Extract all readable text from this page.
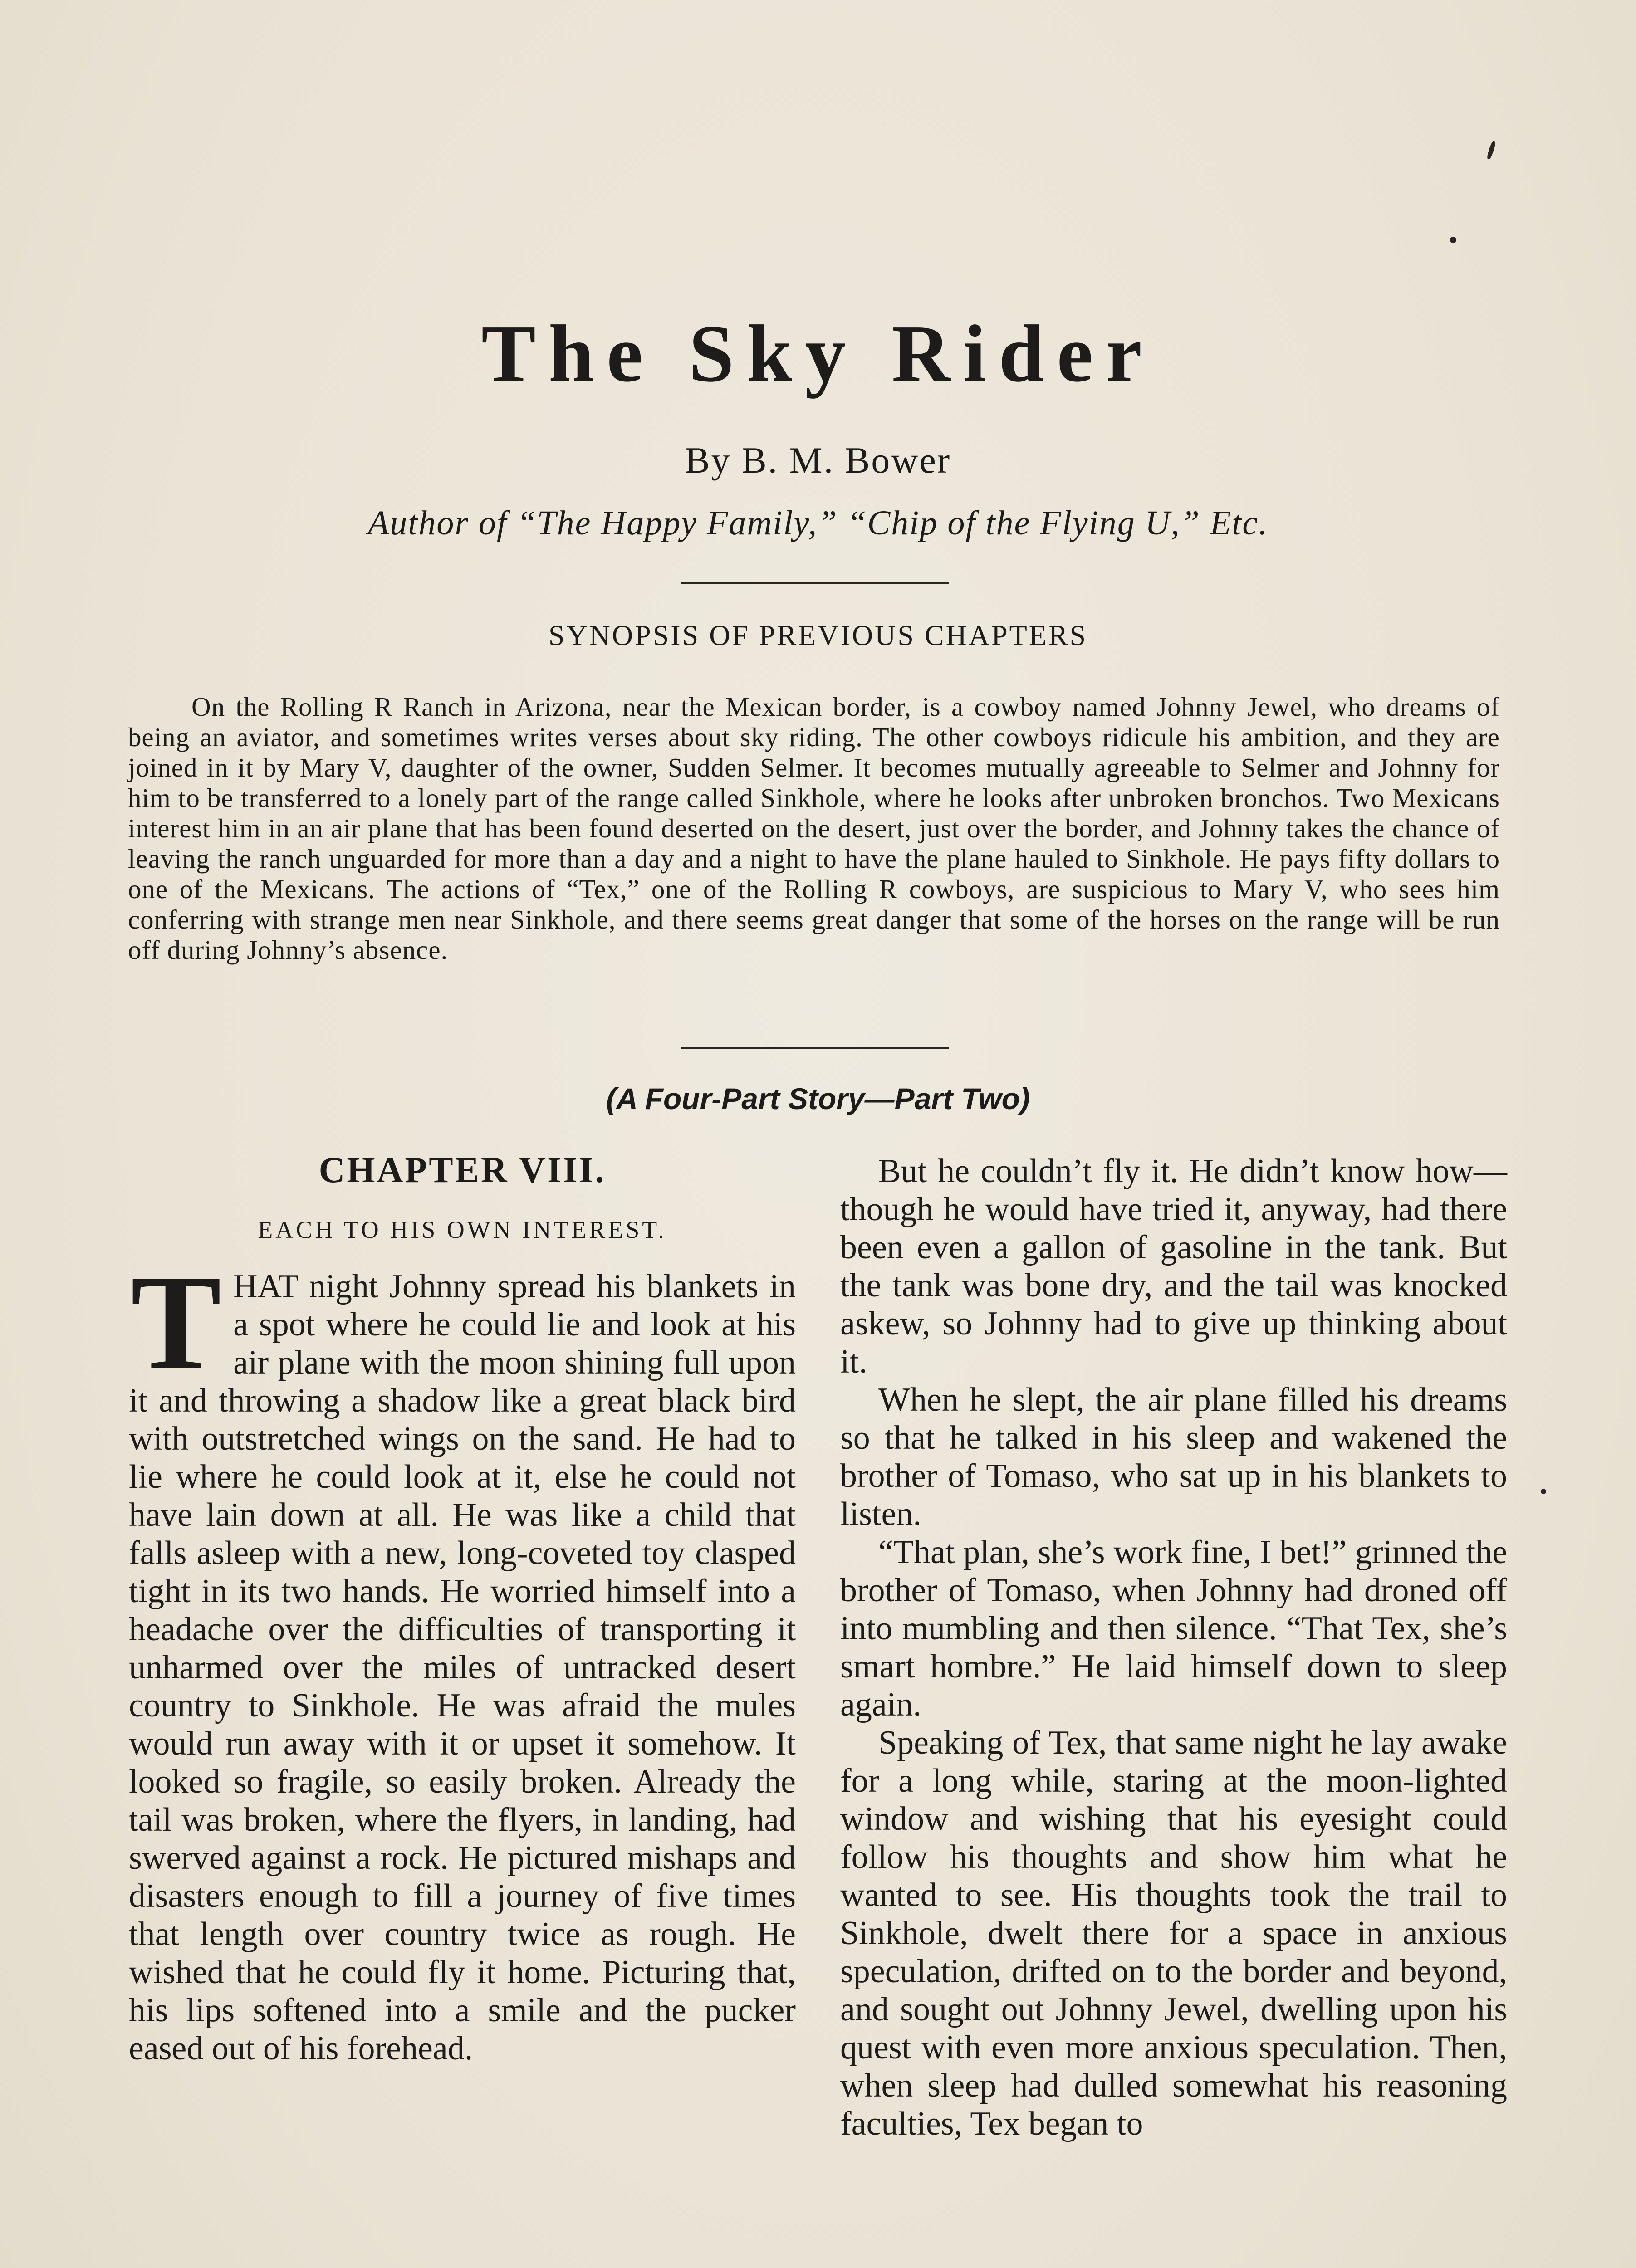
The Sky Rider
By B. M. Bower
Author of “The Happy Family,” “Chip of the Flying U,” Etc.
SYNOPSIS OF PREVIOUS CHAPTERS

On the Rolling R Ranch in Arizona, near the Mexican border, is a cowboy named Johnny Jewel, who dreams of being an aviator, and sometimes writes verses about sky riding. The other cowboys ridicule his ambition, and they are joined in it by Mary V, daughter of the owner, Sudden Selmer. It becomes mutually agreeable to Selmer and Johnny for him to be transferred to a lonely part of the range called Sinkhole, where he looks after unbroken bronchos. Two Mexicans interest him in an air plane that has been found deserted on the desert, just over the border, and Johnny takes the chance of leaving the ranch unguarded for more than a day and a night to have the plane hauled to Sinkhole. He pays fifty dollars to one of the Mexicans. The actions of “Tex,” one of the Rolling R cowboys, are suspicious to Mary V, who sees him conferring with strange men near Sinkhole, and there seems great danger that some of the horses on the range will be run off during Johnny’s absence.

(A Four-Part Story—Part Two)
CHAPTER VIII.
EACH TO HIS OWN INTEREST.

THAT night Johnny spread his blankets in a spot where he could lie and look at his air plane with the moon shining full upon it and throwing a shadow like a great black bird with outstretched wings on the sand. He had to lie where he could look at it, else he could not have lain down at all. He was like a child that falls asleep with a new, long-coveted toy clasped tight in its two hands. He worried himself into a headache over the difficulties of transporting it unharmed over the miles of untracked desert country to Sinkhole. He was afraid the mules would run away with it or upset it somehow. It looked so fragile, so easily broken. Already the tail was broken, where the flyers, in landing, had swerved against a rock. He pictured mishaps and disasters enough to fill a journey of five times that length over country twice as rough. He wished that he could fly it home. Picturing that, his lips softened into a smile and the pucker eased out of his forehead.

But he couldn’t fly it. He didn’t know how—though he would have tried it, anyway, had there been even a gallon of gasoline in the tank. But the tank was bone dry, and the tail was knocked askew, so Johnny had to give up thinking about it.

When he slept, the air plane filled his dreams so that he talked in his sleep and wakened the brother of Tomaso, who sat up in his blankets to listen.

“That plan, she’s work fine, I bet!” grinned the brother of Tomaso, when Johnny had droned off into mumbling and then silence. “That Tex, she’s smart hombre.” He laid himself down to sleep again.

Speaking of Tex, that same night he lay awake for a long while, staring at the moon-lighted window and wishing that his eyesight could follow his thoughts and show him what he wanted to see. His thoughts took the trail to Sinkhole, dwelt there for a space in anxious speculation, drifted on to the border and beyond, and sought out Johnny Jewel, dwelling upon his quest with even more anxious speculation. Then, when sleep had dulled somewhat his reasoning faculties, Tex began to
